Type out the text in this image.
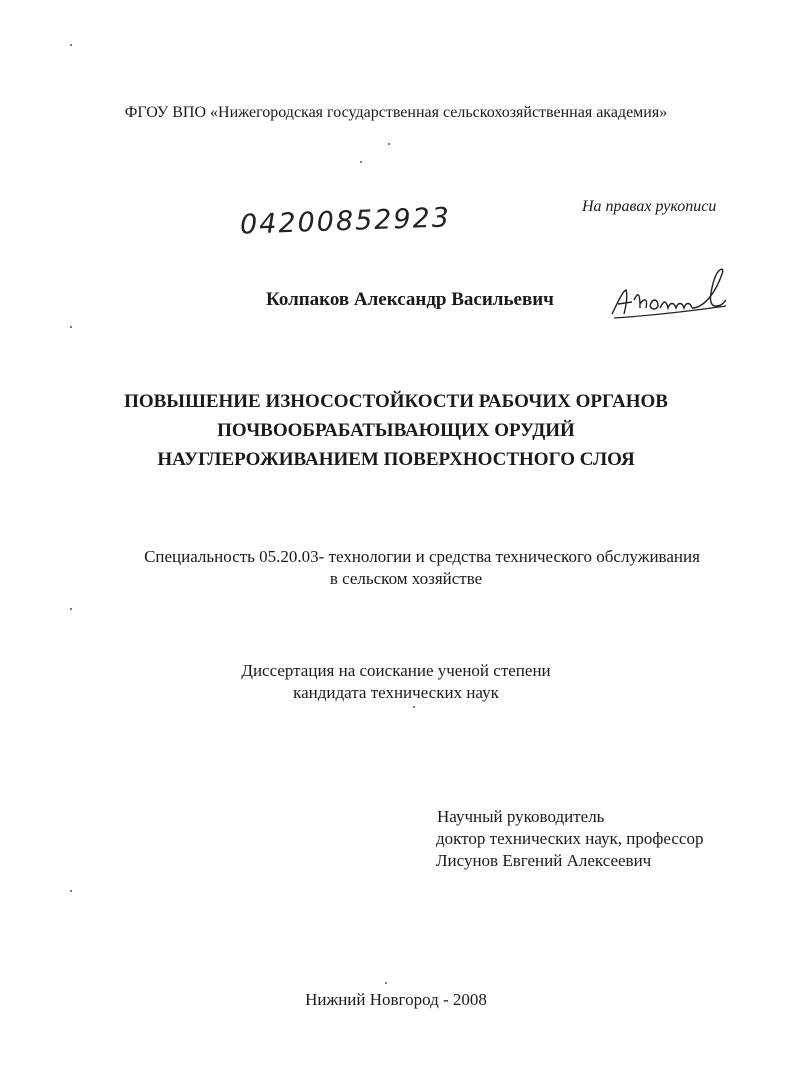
ФГОУ ВПО «Нижегородская государственная сельскохозяйственная академия»
04200852923	На правах рукописи
Колпаков Александр Васильевич
ПОВЫШЕНИЕ ИЗНОСОСТОЙКОСТИ РАБОЧИХ ОРГАНОВ
ПОЧВООБРАБАТЫВАЮЩИХ ОРУДИЙ
НАУГЛЕРОЖИВАНИЕМ ПОВЕРХНОСТНОГО СЛОЯ
Специальность 05.20.03- технологии и средства технического обслуживания
в сельском хозяйстве
Диссертация на соискание ученой степени
кандидата технических наук
Научный руководитель
доктор технических наук, профессор
Лисунов Евгений Алексеевич
Нижний Новгород - 2008
